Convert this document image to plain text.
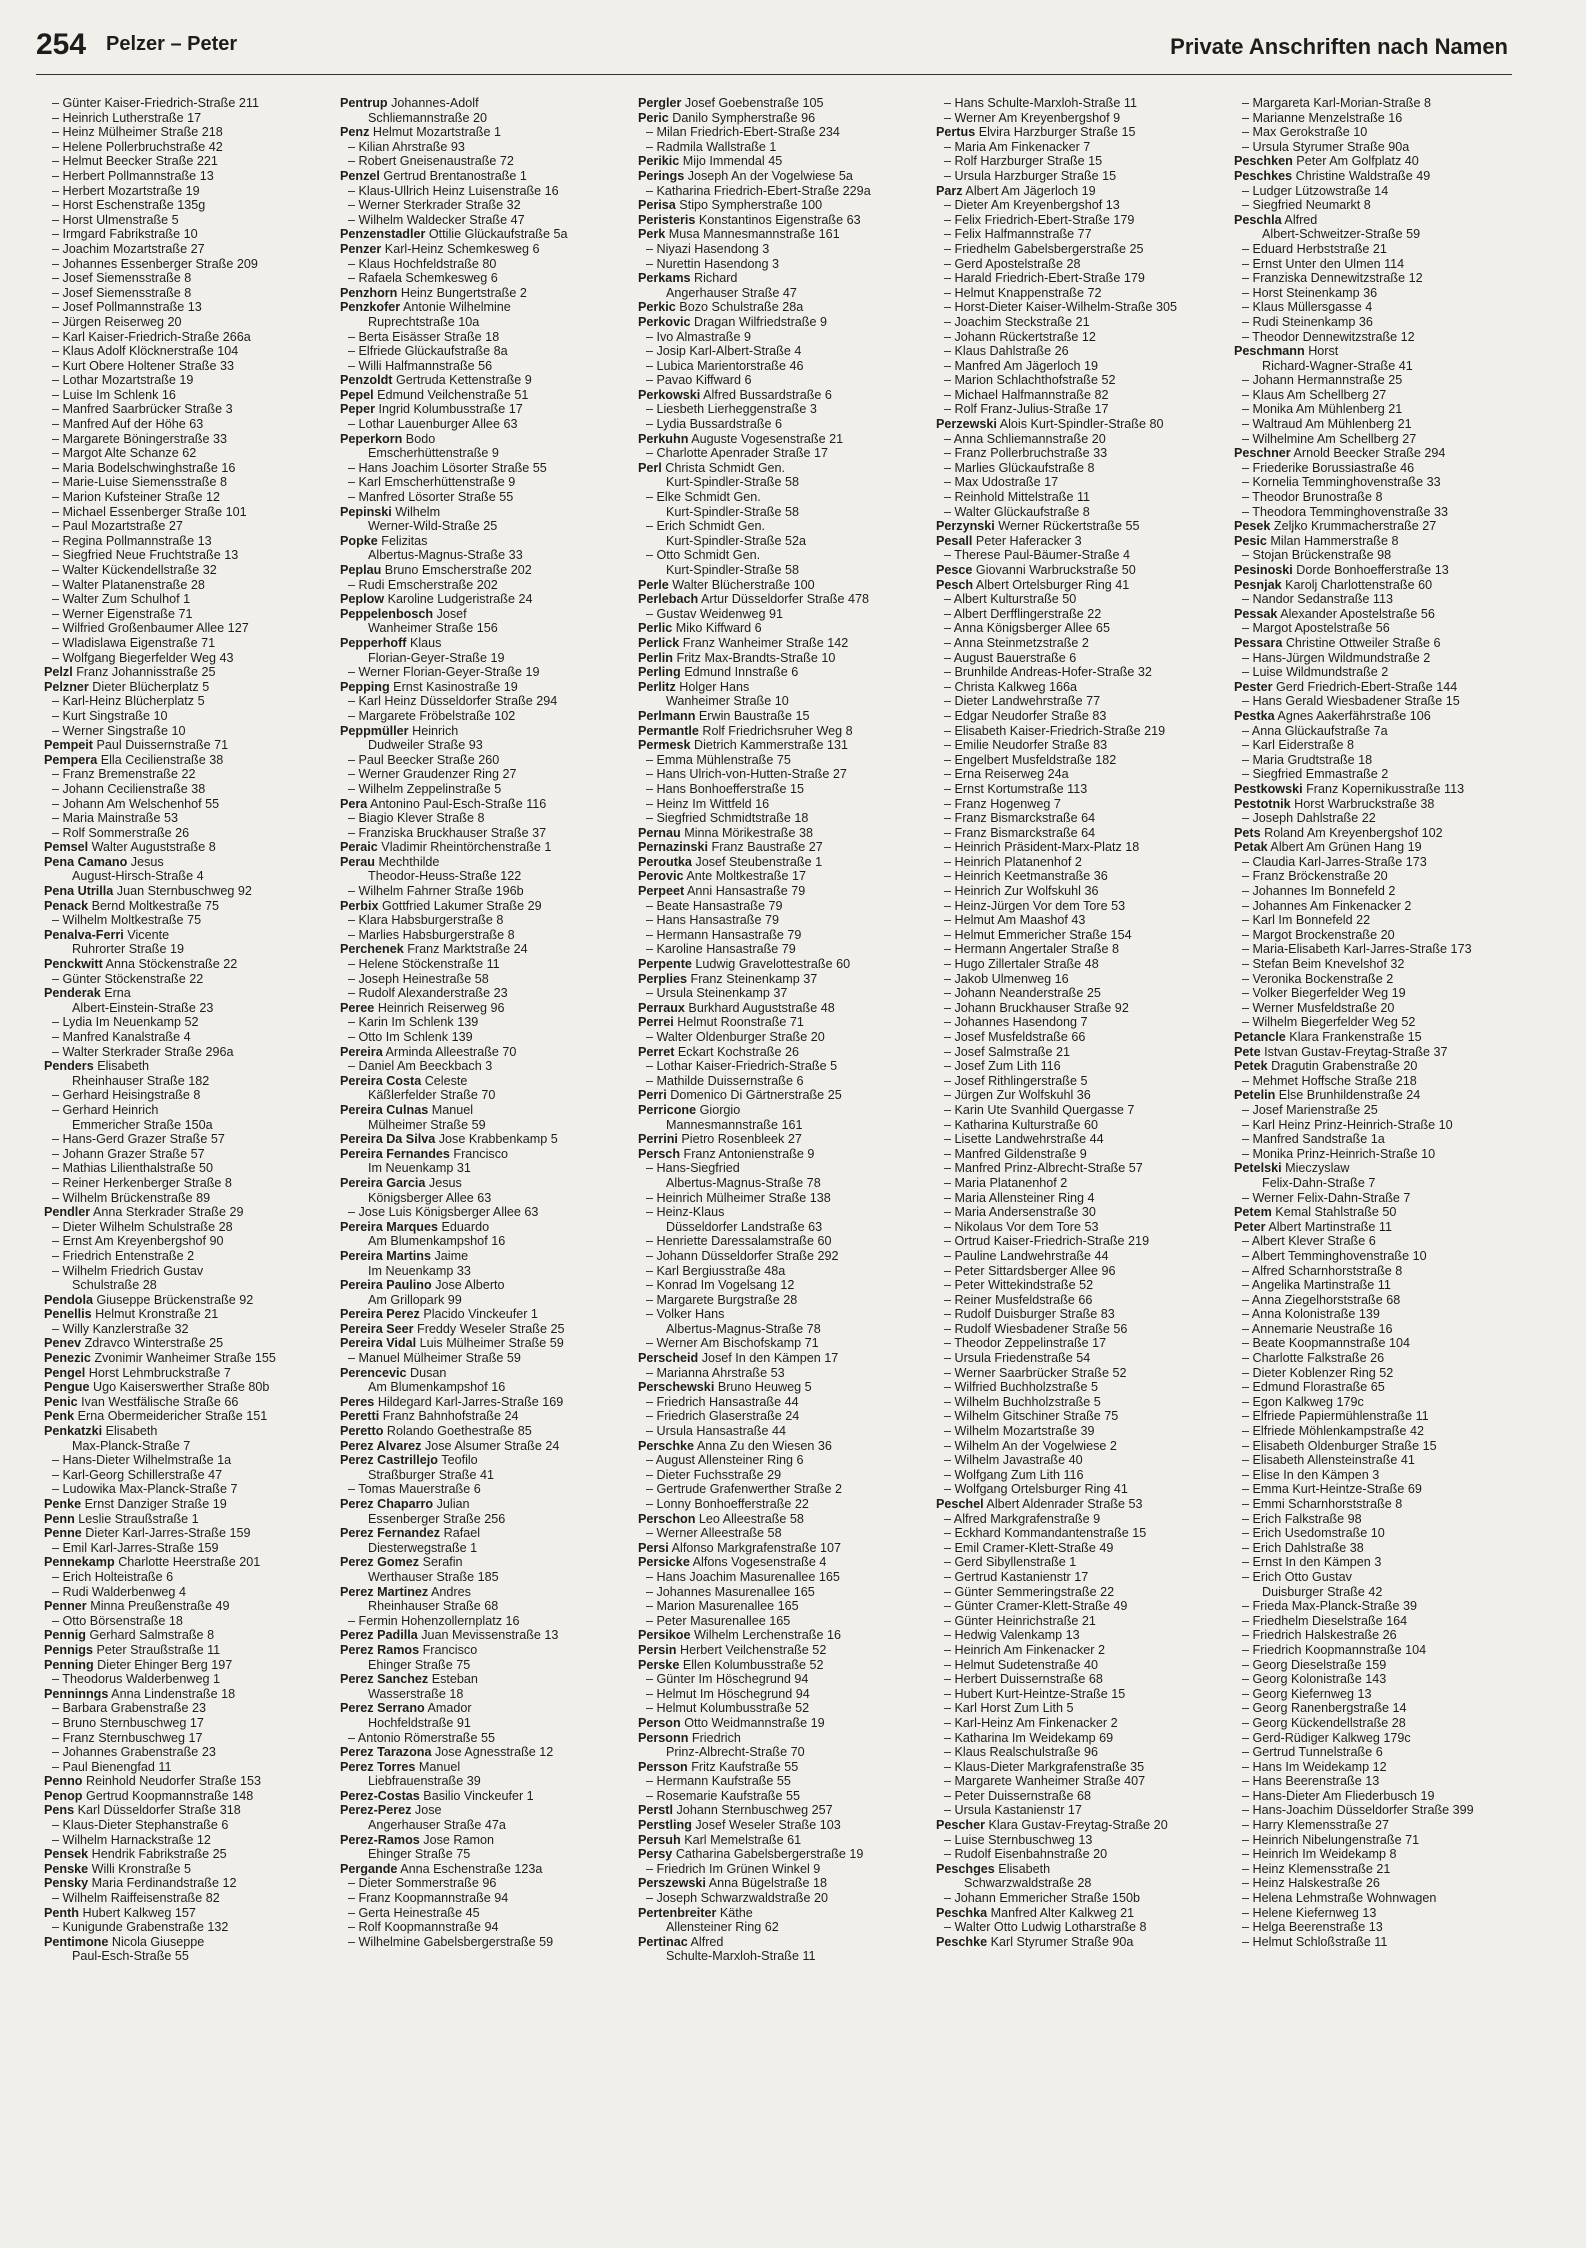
254 Pelzer – Peter	Private Anschriften nach Namen
– Günter Kaiser-Friedrich-Straße 211
– Heinrich Lutherstraße 17
– Heinz Mülheimer Straße 218
– Helene Pollerbruchstraße 42
– Helmut Beecker Straße 221
– Herbert Pollmannstraße 13
– Herbert Mozartstraße 19
– Horst Eschenstraße 135g
– Horst Ulmenstraße 5
– Irmgard Fabrikstraße 10
– Joachim Mozartstraße 27
– Johannes Essenberger Straße 209
– Josef Siemensstraße 8
– Josef Siemensstraße 8
– Josef Pollmannstraße 13
– Jürgen Reiserweg 20
– Karl Kaiser-Friedrich-Straße 266a
– Klaus Adolf Klöcknerstraße 104
– Kurt Obere Holtener Straße 33
– Lothar Mozartstraße 19
– Luise Im Schlenk 16
– Manfred Saarbrücker Straße 3
– Manfred Auf der Höhe 63
– Margarete Böningerstraße 33
– Margot Alte Schanze 62
– Maria Bodelschwinghstraße 16
– Marie-Luise Siemensstraße 8
– Marion Kufsteiner Straße 12
– Michael Essenberger Straße 101
– Paul Mozartstraße 27
– Regina Pollmannstraße 13
– Siegfried Neue Fruchtstraße 13
– Walter Kückendellstraße 32
– Walter Platanenstraße 28
– Walter Zum Schulhof 1
– Werner Eigenstraße 71
– Wilfried Großenbaumer Allee 127
– Wladislawa Eigenstraße 71
– Wolfgang Biegerfelder Weg 43
Pelzl Franz Johannisstraße 25
Pelzner Dieter Blücherplatz 5
– Karl-Heinz Blücherplatz 5
– Kurt Singstraße 10
– Werner Singstraße 10
Pempeit Paul Duissernstraße 71
Pempera Ella Cecilienstraße 38
– Franz Bremenstraße 22
– Johann Cecilienstraße 38
– Johann Am Welschenhof 55
– Maria Mainstraße 53
– Rolf Sommerstraße 26
Pemsel Walter Auguststraße 8
Pena Camano Jesus
August-Hirsch-Straße 4
Pena Utrilla Juan Sternbuschweg 92
Penack Bernd Moltkestraße 75
– Wilhelm Moltkestraße 75
Penalva-Ferri Vicente
Ruhrorter Straße 19
Penckwitt Anna Stöckenstraße 22
– Günter Stöckenstraße 22
Penderak Erna
Albert-Einstein-Straße 23
– Lydia Im Neuenkamp 52
– Manfred Kanalstraße 4
– Walter Sterkrader Straße 296a
Penders Elisabeth
Rheinhauser Straße 182
– Gerhard Heisingstraße 8
– Gerhard Heinrich
Emmericher Straße 150a
– Hans-Gerd Grazer Straße 57
– Johann Grazer Straße 57
– Mathias Lilienthalstraße 50
– Reiner Herkenberger Straße 8
– Wilhelm Brückenstraße 89
Pendler Anna Sterkrader Straße 29
– Dieter Wilhelm Schulstraße 28
– Ernst Am Kreyenbergshof 90
– Friedrich Entenstraße 2
– Wilhelm Friedrich Gustav
Schulstraße 28
Pendola Giuseppe Brückenstraße 92
Penellis Helmut Kronstraße 21
– Willy Kanzlerstraße 32
Penev Zdravco Winterstraße 25
Penezic Zvonimir Wanheimer Straße 155
Pengel Horst Lehmbruckstraße 7
Pengue Ugo Kaiserswerther Straße 80b
Penic Ivan Westfälische Straße 66
Penk Erna Obermeidericher Straße 151
Penkatzki Elisabeth
Max-Planck-Straße 7
– Hans-Dieter Wilhelmstraße 1a
– Karl-Georg Schillerstraße 47
– Ludowika Max-Planck-Straße 7
Penke Ernst Danziger Straße 19
Penn Leslie Straußstraße 1
Penne Dieter Karl-Jarres-Straße 159
– Emil Karl-Jarres-Straße 159
Pennekamp Charlotte Heerstraße 201
– Erich Holteistraße 6
– Rudi Walderbenweg 4
Penner Minna Preußenstraße 49
– Otto Börsenstraße 18
Pennig Gerhard Salmstraße 8
Pennigs Peter Straußstraße 11
Penning Dieter Ehinger Berg 197
– Theodorus Walderbenweg 1
Penninngs Anna Lindenstraße 18
– Barbara Grabenstraße 23
– Bruno Sternbuschweg 17
– Franz Sternbuschweg 17
– Johannes Grabenstraße 23
– Paul Bienengfad 11
Penno Reinhold Neudorfer Straße 153
Penop Gertrud Koopmannstraße 148
Pens Karl Düsseldorfer Straße 318
– Klaus-Dieter Stephanstraße 6
– Wilhelm Harnackstraße 12
Pensek Hendrik Fabrikstraße 25
Penske Willi Kronstraße 5
Pensky Maria Ferdinandstraße 12
– Wilhelm Raiffeisenstraße 82
Penth Hubert Kalkweg 157
– Kunigunde Grabenstraße 132
Pentimone Nicola Giuseppe
Paul-Esch-Straße 55
Pentrup Johannes-Adolf
Schliemannstraße 20
Penz Helmut Mozartstraße 1
– Kilian Ahrstraße 93
– Robert Gneisenaustraße 72
Penzel Gertrud Brentanostraße 1
– Klaus-Ullrich Heinz Luisenstraße 16
– Werner Sterkrader Straße 32
– Wilhelm Waldecker Straße 47
Penzenstadler Ottilie Glückaufstraße 5a
Penzer Karl-Heinz Schemkesweg 6
– Klaus Hochfeldstraße 80
– Rafaela Schemkesweg 6
Penzhorn Heinz Bungertstraße 2
Penzkofer Antonie Wilhelmine
Ruprechtstraße 10a
– Berta Eisässer Straße 18
– Elfriede Glückaufstraße 8a
– Willi Halfmannstraße 56
Penzoldt Gertruda Kettenstraße 9
Pepel Edmund Veilchenstraße 51
Peper Ingrid Kolumbusstraße 17
– Lothar Lauenburger Allee 63
Peperkorn Bodo
Emscherhüttenstraße 9
– Hans Joachim Lösorter Straße 55
– Karl Emscherhüttenstraße 9
– Manfred Lösorter Straße 55
Pepinski Wilhelm
Werner-Wild-Straße 25
Popke Felizitas
Albertus-Magnus-Straße 33
Peplau Bruno Emscherstraße 202
– Rudi Emscherstraße 202
Peplow Karoline Ludgeristraße 24
Peppelenbosch Josef
Wanheimer Straße 156
Pepperhoff Klaus
Florian-Geyer-Straße 19
– Werner Florian-Geyer-Straße 19
Pepping Ernst Kasinostraße 19
– Karl Heinz Düsseldorfer Straße 294
– Margarete Fröbelstraße 102
Peppmüller Heinrich
Dudweiler Straße 93
– Paul Beecker Straße 260
– Werner Graudenzer Ring 27
– Wilhelm Zeppelinstraße 5
Pera Antonino Paul-Esch-Straße 116
– Biagio Klever Straße 8
– Franziska Bruckhauser Straße 37
Peraic Vladimir Rheintörchenstraße 1
Perau Mechthilde
Theodor-Heuss-Straße 122
– Wilhelm Fahrner Straße 196b
Perbix Gottfried Lakumer Straße 29
– Klara Habsburgerstraße 8
– Marlies Habsburgerstraße 8
Perchenek Franz Marktstraße 24
– Helene Stöckenstraße 11
– Joseph Heinestraße 58
– Rudolf Alexanderstraße 23
Peree Heinrich Reiserweg 96
– Karin Im Schlenk 139
– Otto Im Schlenk 139
Pereira Arminda Alleestraße 70
– Daniel Am Beeckbach 3
Pereira Costa Celeste
Käßlerfelder Straße 70
Pereira Culnas Manuel
Mülheimer Straße 59
Pereira Da Silva Jose Krabbenkamp 5
Pereira Fernandes Francisco
Im Neuenkamp 31
Pereira Garcia Jesus
Königsberger Allee 63
– Jose Luis Königsberger Allee 63
Pereira Marques Eduardo
Am Blumenkampshof 16
Pereira Martins Jaime
Im Neuenkamp 33
Pereira Paulino Jose Alberto
Am Grillopark 99
Pereira Perez Placido Vinckeufer 1
Pereira Seer Freddy Weseler Straße 25
Pereira Vidal Luis Mülheimer Straße 59
– Manuel Mülheimer Straße 59
Perencevic Dusan
Am Blumenkampshof 16
Peres Hildegard Karl-Jarres-Straße 169
Peretti Franz Bahnhofstraße 24
Peretto Rolando Goethestraße 85
Perez Alvarez Jose Alsumer Straße 24
Perez Castrillejo Teofilo
Straßburger Straße 41
– Tomas Mauerstraße 6
Perez Chaparro Julian
Essenberger Straße 256
Perez Fernandez Rafael
Diesterwegstraße 1
Perez Gomez Serafin
Werthauser Straße 185
Perez Martinez Andres
Rheinhauser Straße 68
– Fermin Hohenzollernplatz 16
Perez Padilla Juan Mevissenstraße 13
Perez Ramos Francisco
Ehinger Straße 75
Perez Sanchez Esteban
Wasserstraße 18
Perez Serrano Amador
Hochfeldstraße 91
– Antonio Römerstraße 55
Perez Tarazona Jose Agnesstraße 12
Perez Torres Manuel
Liebfrauenstraße 39
Perez-Costas Basilio Vinckeufer 1
Perez-Perez Jose
Angerhauser Straße 47a
Perez-Ramos Jose Ramon
Ehinger Straße 75
Pergande Anna Eschenstraße 123a
– Dieter Sommerstraße 96
– Franz Koopmannstraße 94
– Gerta Heinestraße 45
– Rolf Koopmannstraße 94
– Wilhelmine Gabelsbergerstraße 59
Pergler Josef Goebenstraße 105
Peric Danilo Sympherstraße 96
– Milan Friedrich-Ebert-Straße 234
– Radmila Wallstraße 1
Perikic Mijo Immendal 45
Perings Joseph An der Vogelwiese 5a
– Katharina Friedrich-Ebert-Straße 229a
Perisa Stipo Sympherstraße 100
Peristeris Konstantinos Eigenstraße 63
Perk Musa Mannesmannstraße 161
– Niyazi Hasendong 3
– Nurettin Hasendong 3
Perkams Richard
Angerhauser Straße 47
Perkic Bozo Schulstraße 28a
Perkovic Dragan Wilfriedstraße 9
– Ivo Almastraße 9
– Josip Karl-Albert-Straße 4
– Lubica Marientorstraße 46
– Pavao Kiffward 6
Perkowski Alfred Bussardstraße 6
– Liesbeth Lierheggenstraße 3
– Lydia Bussardstraße 6
Perkuhn Auguste Vogesenstraße 21
– Charlotte Apenrader Straße 17
Perl Christa Schmidt Gen.
Kurt-Spindler-Straße 58
– Elke Schmidt Gen.
Kurt-Spindler-Straße 58
– Erich Schmidt Gen.
Kurt-Spindler-Straße 52a
– Otto Schmidt Gen.
Kurt-Spindler-Straße 58
Perle Walter Blücherstraße 100
Perlebach Artur Düsseldorfer Straße 478
– Gustav Weidenweg 91
Perlic Miko Kiffward 6
Perlick Franz Wanheimer Straße 142
Perlin Fritz Max-Brandts-Straße 10
Perling Edmund Innstraße 6
Perlitz Holger Hans
Wanheimer Straße 10
Perlmann Erwin Baustraße 15
Permantle Rolf Friedrichsruher Weg 8
Permesk Dietrich Kammerstraße 131
– Emma Mühlenstraße 75
– Hans Ulrich-von-Hutten-Straße 27
– Hans Bonhoefferstraße 15
– Heinz Im Wittfeld 16
– Siegfried Schmidtstraße 18
Pernau Minna Mörikestraße 38
Pernazinski Franz Baustraße 27
Peroutka Josef Steubenstraße 1
Perovic Ante Moltkestraße 17
Perpeet Anni Hansastraße 79
– Beate Hansastraße 79
– Hans Hansastraße 79
– Hermann Hansastraße 79
– Karoline Hansastraße 79
Perpente Ludwig Gravelottestraße 60
Perplies Franz Steinenkamp 37
– Ursula Steinenkamp 37
Perraux Burkhard Auguststraße 48
Perrei Helmut Roonstraße 71
– Walter Oldenburger Straße 20
Perret Eckart Kochstraße 26
– Lothar Kaiser-Friedrich-Straße 5
– Mathilde Duissernstraße 6
Perri Domenico Di Gärtnerstraße 25
Perricone Giorgio
Mannesmannstraße 161
Perrini Pietro Rosenbleek 27
Persch Franz Antonienstraße 9
– Hans-Siegfried
Albertus-Magnus-Straße 78
– Heinrich Mülheimer Straße 138
– Heinz-Klaus
Düsseldorfer Landstraße 63
– Henriette Daressalamstraße 60
– Johann Düsseldorfer Straße 292
– Karl Bergiusstraße 48a
– Konrad Im Vogelsang 12
– Margarete Burgstraße 28
– Volker Hans
Albertus-Magnus-Straße 78
– Werner Am Bischofskamp 71
Perscheid Josef In den Kämpen 17
– Marianna Ahrstraße 53
Perschewski Bruno Heuweg 5
– Friedrich Hansastraße 44
– Friedrich Glaserstraße 24
– Ursula Hansastraße 44
Perschke Anna Zu den Wiesen 36
– August Allensteiner Ring 6
– Dieter Fuchsstraße 29
– Gertrude Grafenwerther Straße 2
– Lonny Bonhoefferstraße 22
Perschon Leo Alleestraße 58
– Werner Alleestraße 58
Persi Alfonso Markgrafenstraße 107
Persicke Alfons Vogesenstraße 4
– Hans Joachim Masurenallee 165
– Johannes Masurenallee 165
– Marion Masurenallee 165
– Peter Masurenallee 165
Persikoe Wilhelm Lerchenstraße 16
Persin Herbert Veilchenstraße 52
Perske Ellen Kolumbusstraße 52
– Günter Im Höschegrund 94
– Helmut Im Höschegrund 94
– Helmut Kolumbusstraße 52
Person Otto Weidmannstraße 19
Personn Friedrich
Prinz-Albrecht-Straße 70
Persson Fritz Kaufstraße 55
– Hermann Kaufstraße 55
– Rosemarie Kaufstraße 55
Perstl Johann Sternbuschweg 257
Perstling Josef Weseler Straße 103
Persuh Karl Memelstraße 61
Persy Catharina Gabelsbergerstraße 19
– Friedrich Im Grünen Winkel 9
Perszewski Anna Bügelstraße 18
– Joseph Schwarzwaldstraße 20
Pertenbreiter Käthe
Allensteiner Ring 62
Pertinac Alfred
Schulte-Marxloh-Straße 11
– Hans Schulte-Marxloh-Straße 11
– Werner Am Kreyenbergshof 9
Pertus Elvira Harzburger Straße 15
– Maria Am Finkenacker 7
– Rolf Harzburger Straße 15
– Ursula Harzburger Straße 15
Parz Albert Am Jägerloch 19
– Dieter Am Kreyenbergshof 13
– Felix Friedrich-Ebert-Straße 179
– Felix Halfmannstraße 77
– Friedhelm Gabelsbergerstraße 25
– Gerd Apostelstraße 28
– Harald Friedrich-Ebert-Straße 179
– Helmut Knappenstraße 72
– Horst-Dieter Kaiser-Wilhelm-Straße 305
– Joachim Steckstraße 21
– Johann Rückertstraße 12
– Klaus Dahlstraße 26
– Manfred Am Jägerloch 19
– Marion Schlachthofstraße 52
– Michael Halfmannstraße 82
– Rolf Franz-Julius-Straße 17
Perzewski Alois Kurt-Spindler-Straße 80
– Anna Schliemannstraße 20
– Franz Pollerbruchstraße 33
– Marlies Glückaufstraße 8
– Max Udostraße 17
– Reinhold Mittelstraße 11
– Walter Glückaufstraße 8
Perzynski Werner Rückertstraße 55
Pesall Peter Haferacker 3
– Therese Paul-Bäumer-Straße 4
Pesce Giovanni Warbruckstraße 50
Pesch Albert Ortelsburger Ring 41
– Albert Kulturstraße 50
– Albert Derfflingerstraße 22
– Anna Königsberger Allee 65
– Anna Steinmetzstraße 2
– August Bauerstraße 6
– Brunhilde Andreas-Hofer-Straße 32
– Christa Kalkweg 166a
– Dieter Landwehrstraße 77
– Edgar Neudorfer Straße 83
– Elisabeth Kaiser-Friedrich-Straße 219
– Emilie Neudorfer Straße 83
– Engelbert Musfeldstraße 182
– Erna Reiserweg 24a
– Ernst Kortumstraße 113
– Franz Hogenweg 7
– Franz Bismarckstraße 64
– Franz Bismarckstraße 64
– Heinrich Präsident-Marx-Platz 18
– Heinrich Platanenhof 2
– Heinrich Keetmanstraße 36
– Heinrich Zur Wolfskuhl 36
– Heinz-Jürgen Vor dem Tore 53
– Helmut Am Maashof 43
– Helmut Emmericher Straße 154
– Hermann Angertaler Straße 8
– Hugo Zillertaler Straße 48
– Jakob Ulmenweg 16
– Johann Neanderstraße 25
– Johann Bruckhauser Straße 92
– Johannes Hasendong 7
– Josef Musfeldstraße 66
– Josef Salmstraße 21
– Josef Zum Lith 116
– Josef Rithlingerstraße 5
– Jürgen Zur Wolfskuhl 36
– Karin Ute Svanhild Quergasse 7
– Katharina Kulturstraße 60
– Lisette Landwehrstraße 44
– Manfred Gildenstraße 9
– Manfred Prinz-Albrecht-Straße 57
– Maria Platanenhof 2
– Maria Allensteiner Ring 4
– Maria Andersenstraße 30
– Nikolaus Vor dem Tore 53
– Ortrud Kaiser-Friedrich-Straße 219
– Pauline Landwehrstraße 44
– Peter Sittardsberger Allee 96
– Peter Wittekindstraße 52
– Reiner Musfeldstraße 66
– Rudolf Duisburger Straße 83
– Rudolf Wiesbadener Straße 56
– Theodor Zeppelinstraße 17
– Ursula Friedenstraße 54
– Werner Saarbrücker Straße 52
– Wilfried Buchholzstraße 5
– Wilhelm Buchholzstraße 5
– Wilhelm Gitschiner Straße 75
– Wilhelm Mozartstraße 39
– Wilhelm An der Vogelwiese 2
– Wilhelm Javastraße 40
– Wolfgang Zum Lith 116
– Wolfgang Ortelsburger Ring 41
Peschel Albert Aldenrader Straße 53
– Alfred Markgrafenstraße 9
– Eckhard Kommandantenstraße 15
– Emil Cramer-Klett-Straße 49
– Gerd Sibyllenstraße 1
– Gertrud Kastanienstr 17
– Günter Semmeringstraße 22
– Günter Cramer-Klett-Straße 49
– Günter Heinrichstraße 21
– Hedwig Valenkamp 13
– Heinrich Am Finkenacker 2
– Helmut Sudetenstraße 40
– Herbert Duissernstraße 68
– Hubert Kurt-Heintze-Straße 15
– Karl Horst Zum Lith 5
– Karl-Heinz Am Finkenacker 2
– Katharina Im Weidekamp 69
– Klaus Realschulstraße 96
– Klaus-Dieter Markgrafenstraße 35
– Margarete Wanheimer Straße 407
– Peter Duissernstraße 68
– Ursula Kastanienstr 17
Pescher Klara Gustav-Freytag-Straße 20
– Luise Sternbuschweg 13
– Rudolf Eisenbahnstraße 20
Peschges Elisabeth
Schwarzwaldstraße 28
– Johann Emmericher Straße 150b
Peschka Manfred Alter Kalkweg 21
– Walter Otto Ludwig Lotharstraße 8
Peschke Karl Styrumer Straße 90a
– Margareta Karl-Morian-Straße 8
– Marianne Menzelstraße 16
– Max Gerokstraße 10
– Ursula Styrumer Straße 90a
Peschken Peter Am Golfplatz 40
Peschkes Christine Waldstraße 49
– Ludger Lützowstraße 14
– Siegfried Neumarkt 8
Peschla Alfred
Albert-Schweitzer-Straße 59
– Eduard Herbststraße 21
– Ernst Unter den Ulmen 114
– Franziska Dennewitzstraße 12
– Horst Steinenkamp 36
– Klaus Müllersgasse 4
– Rudi Steinenkamp 36
– Theodor Dennewitzstraße 12
Peschmann Horst
Richard-Wagner-Straße 41
– Johann Hermannstraße 25
– Klaus Am Schellberg 27
– Monika Am Mühlenberg 21
– Waltraud Am Mühlenberg 21
– Wilhelmine Am Schellberg 27
Peschner Arnold Beecker Straße 294
– Friederike Borussiastraße 46
– Kornelia Temminghovenstraße 33
– Theodor Brunostraße 8
– Theodora Temminghovenstraße 33
Pesek Zeljko Krummacherstraße 27
Pesic Milan Hammerstraße 8
– Stojan Brückenstraße 98
Pesinoski Dorde Bonhoefferstraße 13
Pesnjak Karolj Charlottenstraße 60
– Nandor Sedanstraße 113
Pessak Alexander Apostelstraße 56
– Margot Apostelstraße 56
Pessara Christine Ottweiler Straße 6
– Hans-Jürgen Wildmundstraße 2
– Luise Wildmundstraße 2
Pester Gerd Friedrich-Ebert-Straße 144
– Hans Gerald Wiesbadener Straße 15
Pestka Agnes Aakerfährstraße 106
– Anna Glückaufstraße 7a
– Karl Eiderstraße 8
– Maria Grudtstraße 18
– Siegfried Emmastraße 2
Pestkowski Franz Kopernikusstraße 113
Pestotnik Horst Warbruckstraße 38
– Joseph Dahlstraße 22
Pets Roland Am Kreyenbergshof 102
Petak Albert Am Grünen Hang 19
– Claudia Karl-Jarres-Straße 173
– Franz Bröckenstraße 20
– Johannes Im Bonnefeld 2
– Johannes Am Finkenacker 2
– Karl Im Bonnefeld 22
– Margot Brockenstraße 20
– Maria-Elisabeth Karl-Jarres-Straße 173
– Stefan Beim Knevelshof 32
– Veronika Bockenstraße 2
– Volker Biegerfelder Weg 19
– Werner Musfeldstraße 20
– Wilhelm Biegerfelder Weg 52
Petancle Klara Frankenstraße 15
Pete Istvan Gustav-Freytag-Straße 37
Petek Dragutin Grabenstraße 20
– Mehmet Hoffsche Straße 218
Petelin Else Brunhildenstraße 24
– Josef Marienstraße 25
– Karl Heinz Prinz-Heinrich-Straße 10
– Manfred Sandstraße 1a
– Monika Prinz-Heinrich-Straße 10
Petelski Mieczyslaw
Felix-Dahn-Straße 7
– Werner Felix-Dahn-Straße 7
Petem Kemal Stahlstraße 50
Peter Albert Martinstraße 11
– Albert Klever Straße 6
– Albert Temminghovenstraße 10
– Alfred Scharnhorststraße 8
– Angelika Martinstraße 11
– Anna Ziegelhorststraße 68
– Anna Kolonistraße 139
– Annemarie Neustraße 16
– Beate Koopmannstraße 104
– Charlotte Falkstraße 26
– Dieter Koblenzer Ring 52
– Edmund Florastraße 65
– Egon Kalkweg 179c
– Elfriede Papiermühlenstraße 11
– Elfriede Möhlenkampstraße 42
– Elisabeth Oldenburger Straße 15
– Elisabeth Allensteinstraße 41
– Elise In den Kämpen 3
– Emma Kurt-Heintze-Straße 69
– Emmi Scharnhorststraße 8
– Erich Falkstraße 98
– Erich Usedomstraße 10
– Erich Dahlstraße 38
– Ernst In den Kämpen 3
– Erich Otto Gustav
Duisburger Straße 42
– Frieda Max-Planck-Straße 39
– Friedhelm Dieselstraße 164
– Friedrich Halskestraße 26
– Friedrich Koopmannstraße 104
– Georg Dieselstraße 159
– Georg Kolonistraße 143
– Georg Kiefernweg 13
– Georg Ranenbergstraße 14
– Georg Kückendellstraße 28
– Gerd-Rüdiger Kalkweg 179c
– Gertrud Tunnelstraße 6
– Hans Im Weidekamp 12
– Hans Beerenstraße 13
– Hans-Dieter Am Fliederbusch 19
– Hans-Joachim Düsseldorfer Straße 399
– Harry Klemensstraße 27
– Heinrich Nibelungenstraße 71
– Heinrich Im Weidekamp 8
– Heinz Klemensstraße 21
– Heinz Halskestraße 26
– Helena Lehmstraße Wohnwagen
– Helene Kiefernweg 13
– Helga Beerenstraße 13
– Helmut Schloßstraße 11
